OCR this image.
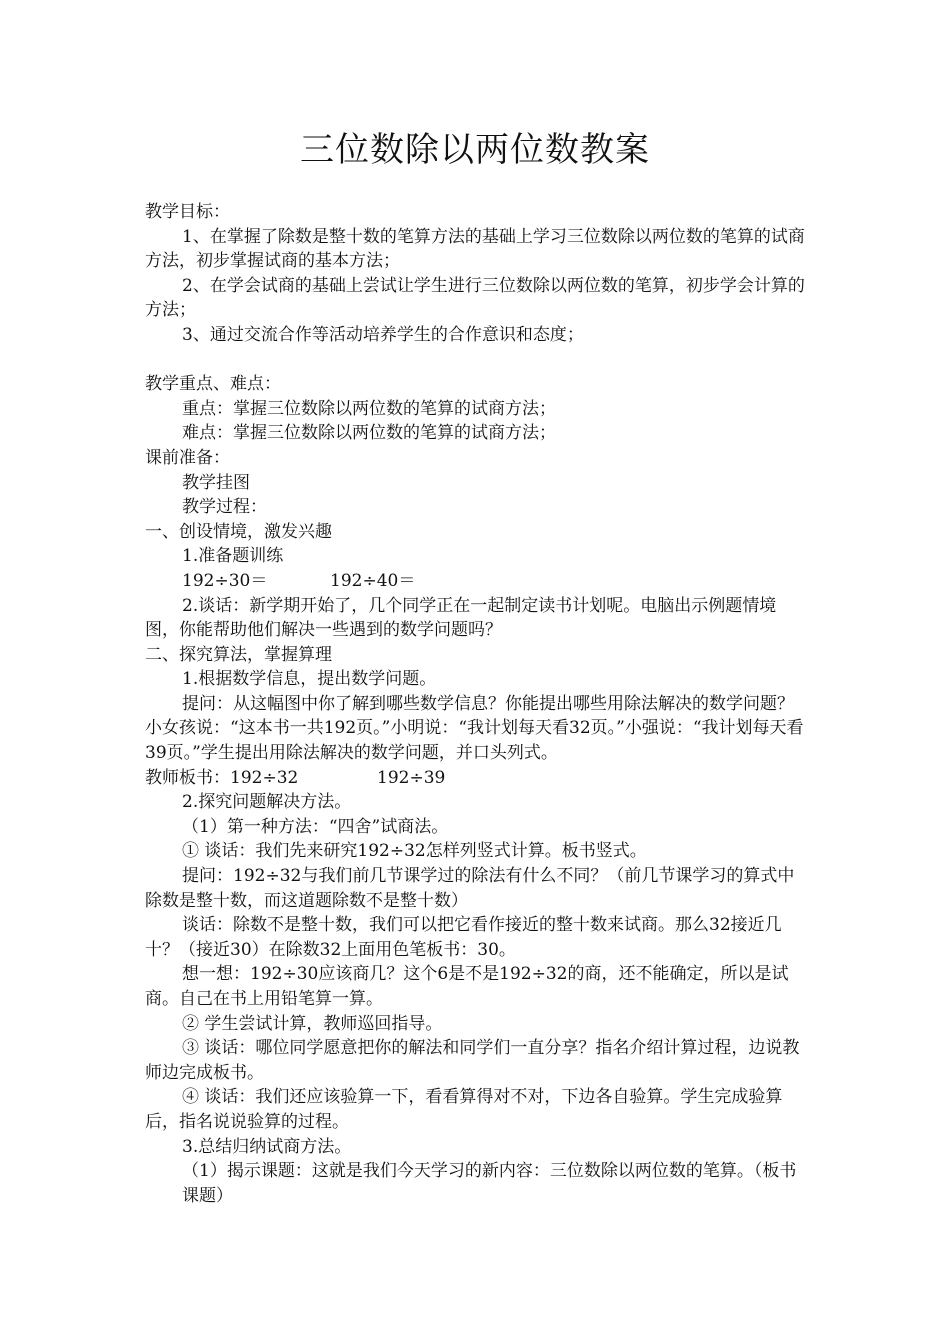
三位数除以两位数教案

教学目标：

1、在掌握了除数是整十数的笔算方法的基础上学习三位数除以两位数的笔算的试商方法，初步掌握试商的基本方法；

2、在学会试商的基础上尝试让学生进行三位数除以两位数的笔算，初步学会计算的方法；

3、通过交流合作等活动培养学生的合作意识和态度；

教学重点、难点：

重点：掌握三位数除以两位数的笔算的试商方法；

难点：掌握三位数除以两位数的笔算的试商方法；

课前准备：

教学挂图

教学过程：

一、创设情境，激发兴趣

1.准备题训练

192÷30＝	192÷40＝

2.谈话：新学期开始了，几个同学正在一起制定读书计划呢。电脑出示例题情境图，你能帮助他们解决一些遇到的数学问题吗？

二、探究算法，掌握算理

1.根据数学信息，提出数学问题。

提问：从这幅图中你了解到哪些数学信息？你能提出哪些用除法解决的数学问题？小女孩说：“这本书一共192页。”小明说：“我计划每天看32页。”小强说：“我计划每天看39页。”学生提出用除法解决的数学问题，并口头列式。

教师板书：192÷32	192÷39

2.探究问题解决方法。

（1）第一种方法：“四舍”试商法。

① 谈话：我们先来研究192÷32怎样列竖式计算。板书竖式。

提问：192÷32与我们前几节课学过的除法有什么不同？（前几节课学习的算式中除数是整十数，而这道题除数不是整十数）

谈话：除数不是整十数，我们可以把它看作接近的整十数来试商。那么32接近几十？（接近30）在除数32上面用色笔板书：30。

想一想：192÷30应该商几？这个6是不是192÷32的商，还不能确定，所以是试商。自己在书上用铅笔算一算。

② 学生尝试计算，教师巡回指导。

③ 谈话：哪位同学愿意把你的解法和同学们一直分享？指名介绍计算过程，边说教师边完成板书。

④ 谈话：我们还应该验算一下，看看算得对不对，下边各自验算。学生完成验算后，指名说说验算的过程。

3.总结归纳试商方法。

（1）揭示课题：这就是我们今天学习的新内容：三位数除以两位数的笔算。（板书课题）
